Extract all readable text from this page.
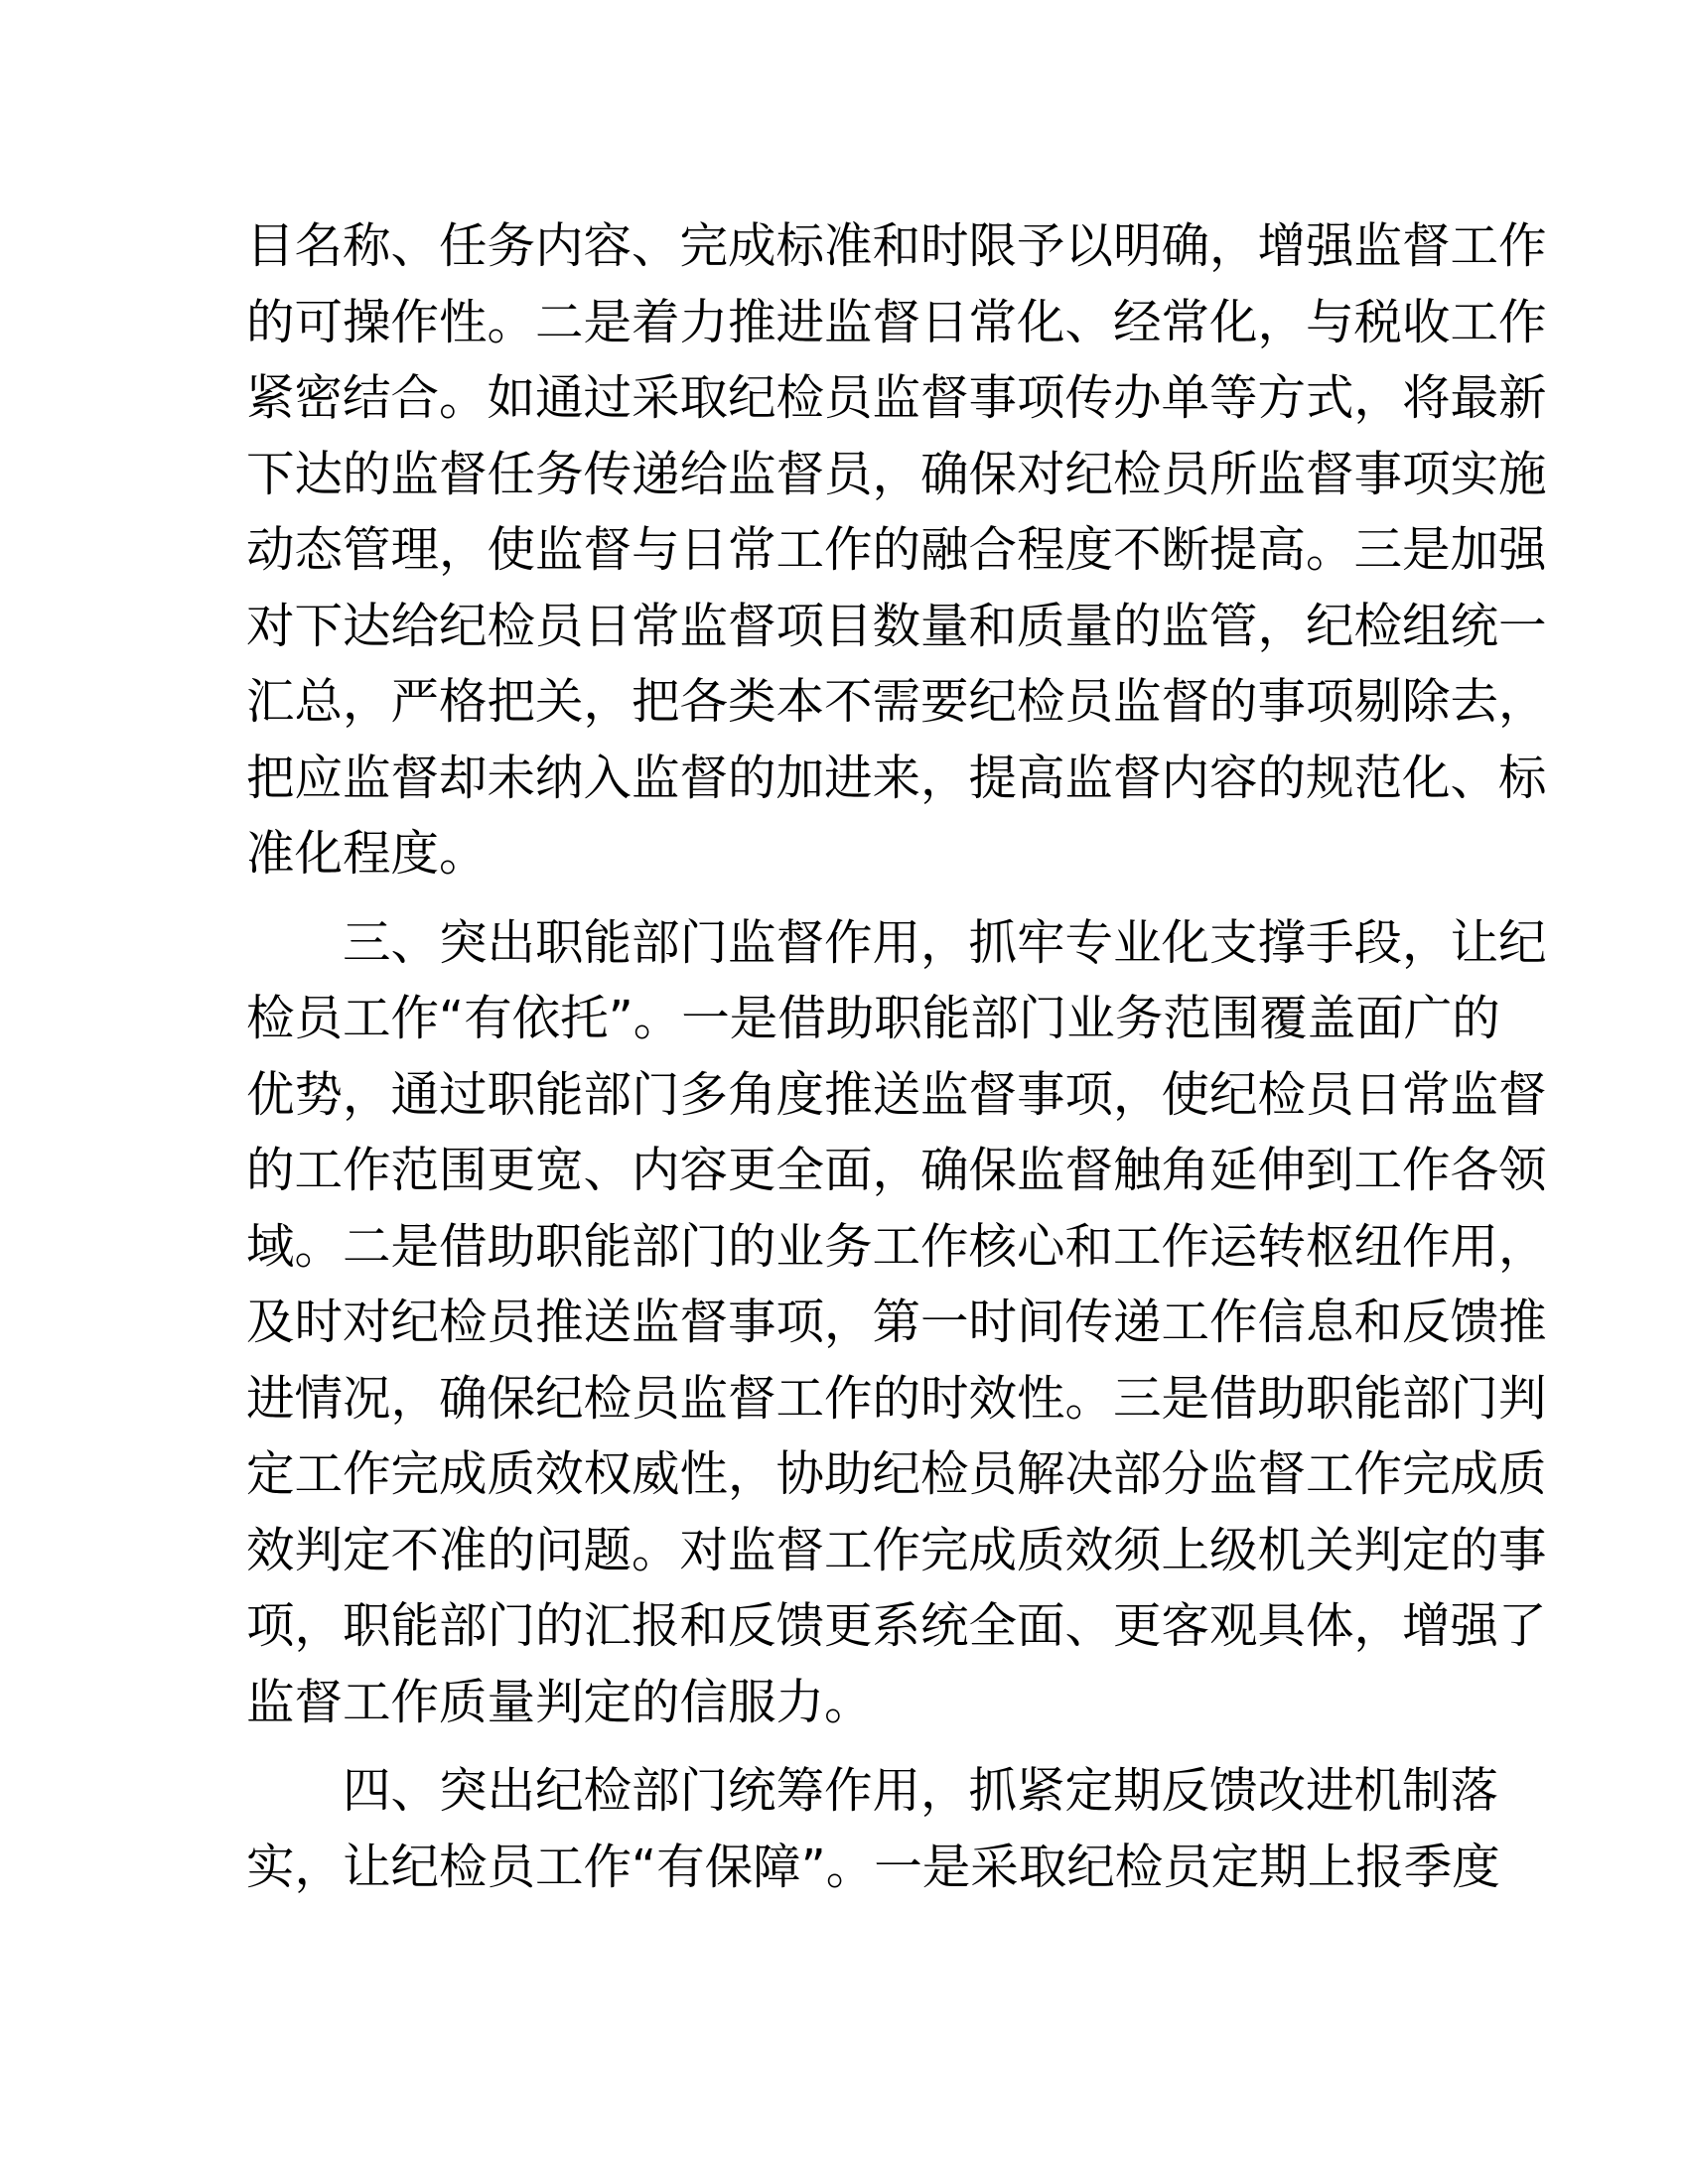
目名称、任务内容、完成标准和时限予以明确，增强监督工作
的可操作性。二是着力推进监督日常化、经常化，与税收工作
紧密结合。如通过采取纪检员监督事项传办单等方式，将最新
下达的监督任务传递给监督员，确保对纪检员所监督事项实施
动态管理，使监督与日常工作的融合程度不断提高。三是加强
对下达给纪检员日常监督项目数量和质量的监管，纪检组统一
汇总，严格把关，把各类本不需要纪检员监督的事项剔除去，
把应监督却未纳入监督的加进来，提高监督内容的规范化、标
准化程度。
　　三、突出职能部门监督作用，抓牢专业化支撑手段，让纪
检员工作“有依托”。一是借助职能部门业务范围覆盖面广的
优势，通过职能部门多角度推送监督事项，使纪检员日常监督
的工作范围更宽、内容更全面，确保监督触角延伸到工作各领
域。二是借助职能部门的业务工作核心和工作运转枢纽作用，
及时对纪检员推送监督事项，第一时间传递工作信息和反馈推
进情况，确保纪检员监督工作的时效性。三是借助职能部门判
定工作完成质效权威性，协助纪检员解决部分监督工作完成质
效判定不准的问题。对监督工作完成质效须上级机关判定的事
项，职能部门的汇报和反馈更系统全面、更客观具体，增强了
监督工作质量判定的信服力。
　　四、突出纪检部门统筹作用，抓紧定期反馈改进机制落
实，让纪检员工作“有保障”。一是采取纪检员定期上报季度
